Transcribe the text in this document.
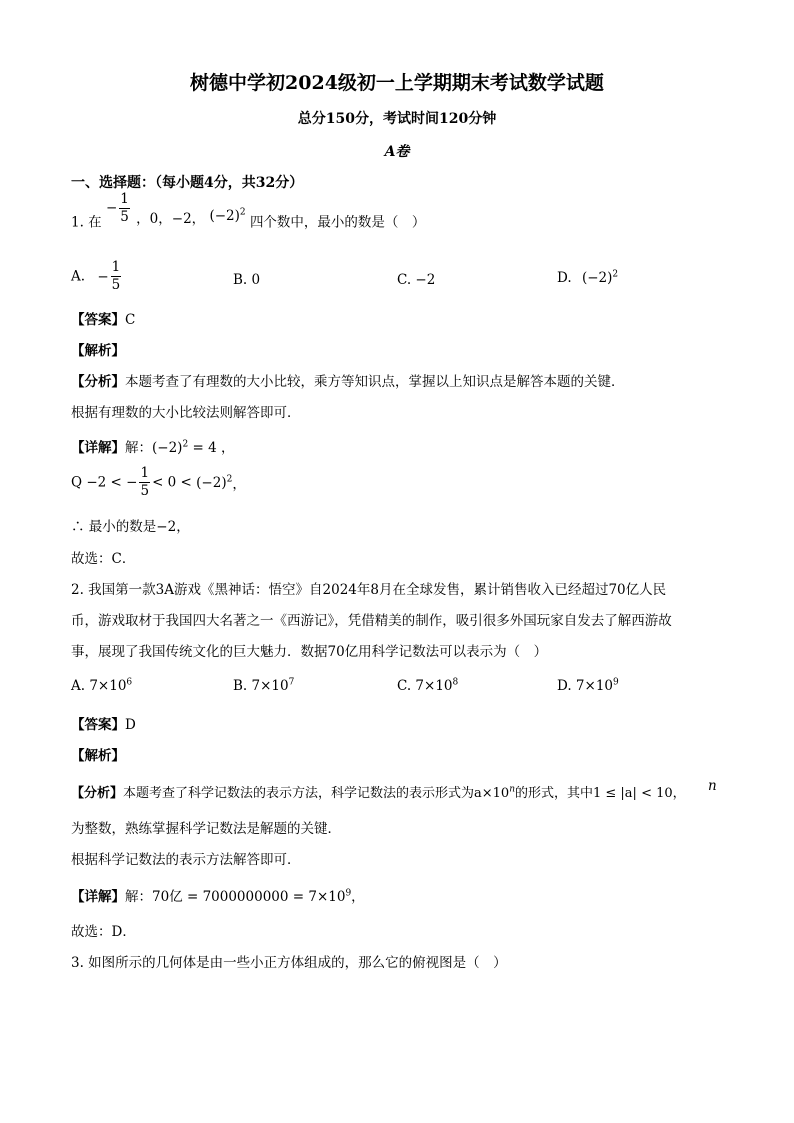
树德中学初2024级初一上学期期末考试数学试题
总分150分，考试时间120分钟
A卷
一、选择题：（每小题4分，共32分）
1. 在 − $\frac{1}{5}$ ，0，−2， $(-2)^2$ 四个数中，最小的数是（　）
A. − $\frac{1}{5}$	B. 0	C. −2	D. $(-2)^2$
【答案】C
【解析】
【分析】本题考查了有理数的大小比较，乘方等知识点，掌握以上知识点是解答本题的关键．
根据有理数的大小比较法则解答即可．
【详解】解：$(-2)^2 = 4$ ，
Q −2 < − $\frac{1}{5} < 0 < (-2)^2$，
∴ 最小的数是−2，
故选：C．
2. 我国第一款3A游戏《黑神话：悟空》自2024年8月在全球发售，累计销售收入已经超过70亿人民
币，游戏取材于我国四大名著之一《西游记》，凭借精美的制作，吸引很多外国玩家自发去了解西游故
事，展现了我国传统文化的巨大魅力．数据70亿用科学记数法可以表示为（　）
A. $7\times 10^6$	B. $7\times 10^7$	C. $7\times 10^8$	D. $7\times 10^9$
【答案】D
【解析】
【分析】本题考查了科学记数法的表示方法，科学记数法的表示形式为$a\times 10^n$的形式，其中1 ≤ |a| < 10， n
为整数，熟练掌握科学记数法是解题的关键．
根据科学记数法的表示方法解答即可．
【详解】解：70亿 = $7000000000 = 7\times 10^9$，
故选：D．
3. 如图所示的几何体是由一些小正方体组成的，那么它的俯视图是（　）
